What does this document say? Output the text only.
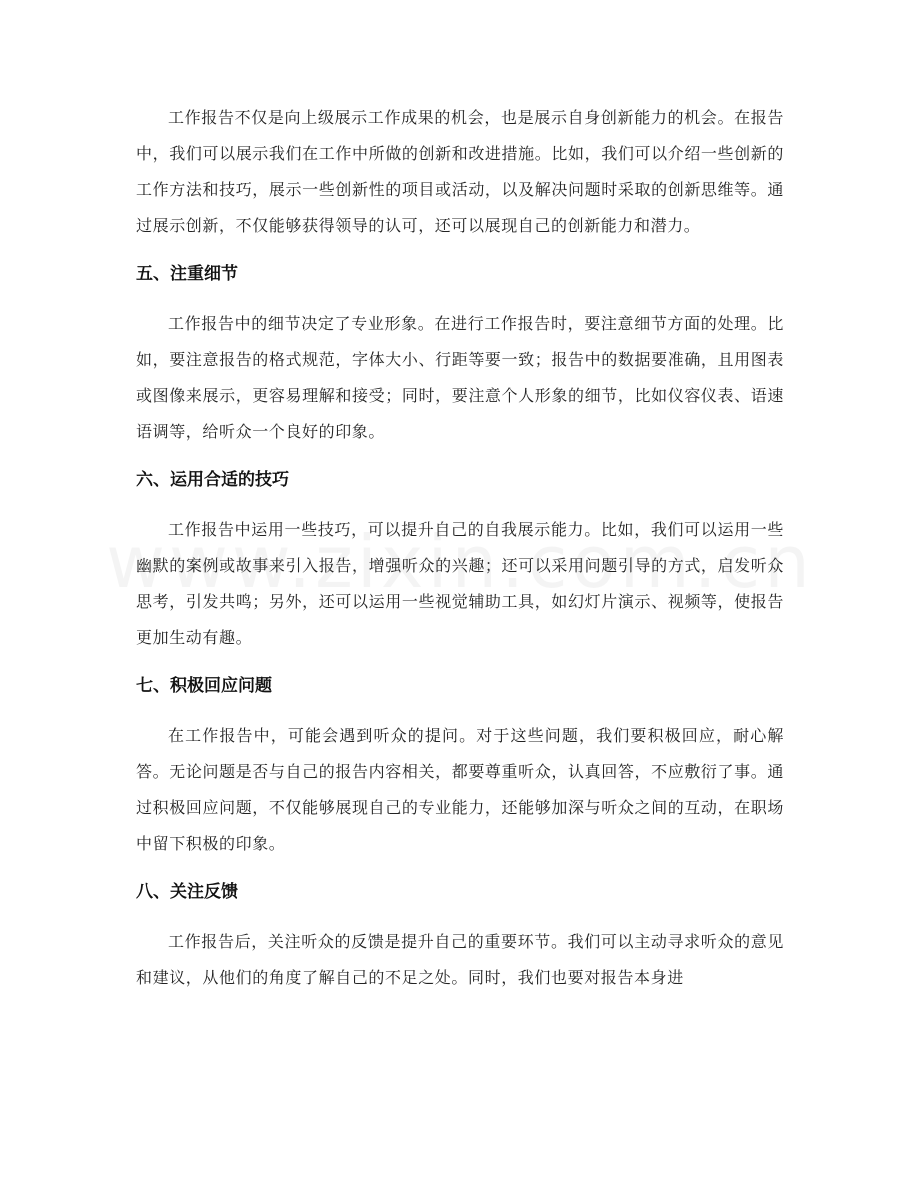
工作报告不仅是向上级展示工作成果的机会，也是展示自身创新能力的机会。在报告中，我们可以展示我们在工作中所做的创新和改进措施。比如，我们可以介绍一些创新的工作方法和技巧，展示一些创新性的项目或活动，以及解决问题时采取的创新思维等。通过展示创新，不仅能够获得领导的认可，还可以展现自己的创新能力和潜力。

五、注重细节

工作报告中的细节决定了专业形象。在进行工作报告时，要注意细节方面的处理。比如，要注意报告的格式规范，字体大小、行距等要一致；报告中的数据要准确，且用图表或图像来展示，更容易理解和接受；同时，要注意个人形象的细节，比如仪容仪表、语速语调等，给听众一个良好的印象。

六、运用合适的技巧

工作报告中运用一些技巧，可以提升自己的自我展示能力。比如，我们可以运用一些幽默的案例或故事来引入报告，增强听众的兴趣；还可以采用问题引导的方式，启发听众思考，引发共鸣；另外，还可以运用一些视觉辅助工具，如幻灯片演示、视频等，使报告更加生动有趣。

七、积极回应问题

在工作报告中，可能会遇到听众的提问。对于这些问题，我们要积极回应，耐心解答。无论问题是否与自己的报告内容相关，都要尊重听众，认真回答，不应敷衍了事。通过积极回应问题，不仅能够展现自己的专业能力，还能够加深与听众之间的互动，在职场中留下积极的印象。

八、关注反馈

工作报告后，关注听众的反馈是提升自己的重要环节。我们可以主动寻求听众的意见和建议，从他们的角度了解自己的不足之处。同时，我们也要对报告本身进
